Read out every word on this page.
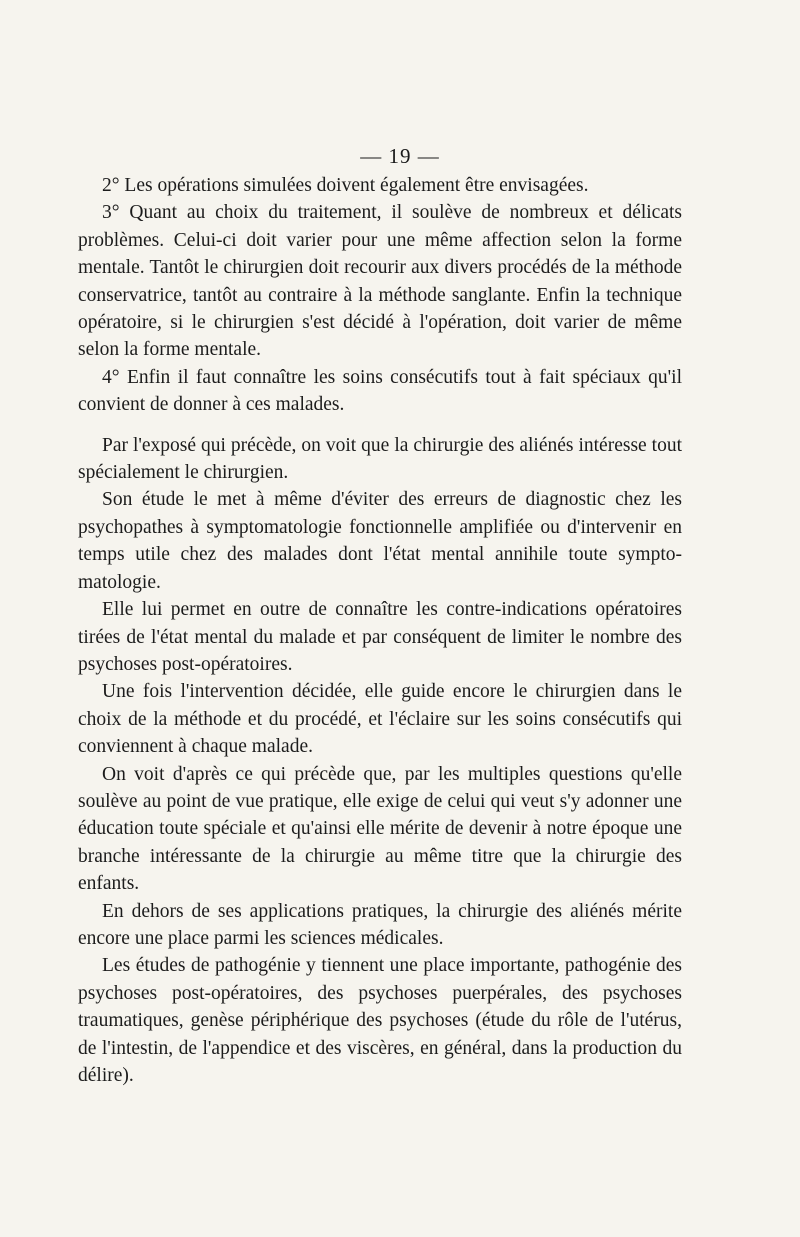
— 19 —

2° Les opérations simulées doivent également être envisagées.

3° Quant au choix du traitement, il soulève de nombreux et délicats problèmes. Celui-ci doit varier pour une même affection selon la forme mentale. Tantôt le chirurgien doit recourir aux divers procédés de la méthode conservatrice, tantôt au contraire à la méthode sanglante. Enfin la technique opératoire, si le chirurgien s'est décidé à l'opération, doit varier de même selon la forme mentale.

4° Enfin il faut connaître les soins consécutifs tout à fait spéciaux qu'il convient de donner à ces malades.

Par l'exposé qui précède, on voit que la chirurgie des aliénés intéresse tout spécialement le chirurgien.

Son étude le met à même d'éviter des erreurs de diagnostic chez les psychopathes à symptomatologie fonctionnelle amplifiée ou d'intervenir en temps utile chez des malades dont l'état mental annihile toute symptomatologie.

Elle lui permet en outre de connaître les contre-indications opératoires tirées de l'état mental du malade et par conséquent de limiter le nombre des psychoses post-opératoires.

Une fois l'intervention décidée, elle guide encore le chirurgien dans le choix de la méthode et du procédé, et l'éclaire sur les soins consécutifs qui conviennent à chaque malade.

On voit d'après ce qui précède que, par les multiples questions qu'elle soulève au point de vue pratique, elle exige de celui qui veut s'y adonner une éducation toute spéciale et qu'ainsi elle mérite de devenir à notre époque une branche intéressante de la chirurgie au même titre que la chirurgie des enfants.

En dehors de ses applications pratiques, la chirurgie des aliénés mérite encore une place parmi les sciences médicales.

Les études de pathogénie y tiennent une place importante, pathogénie des psychoses post-opératoires, des psychoses puerpérales, des psychoses traumatiques, genèse périphérique des psychoses (étude du rôle de l'utérus, de l'intestin, de l'appendice et des viscères, en général, dans la production du délire).
